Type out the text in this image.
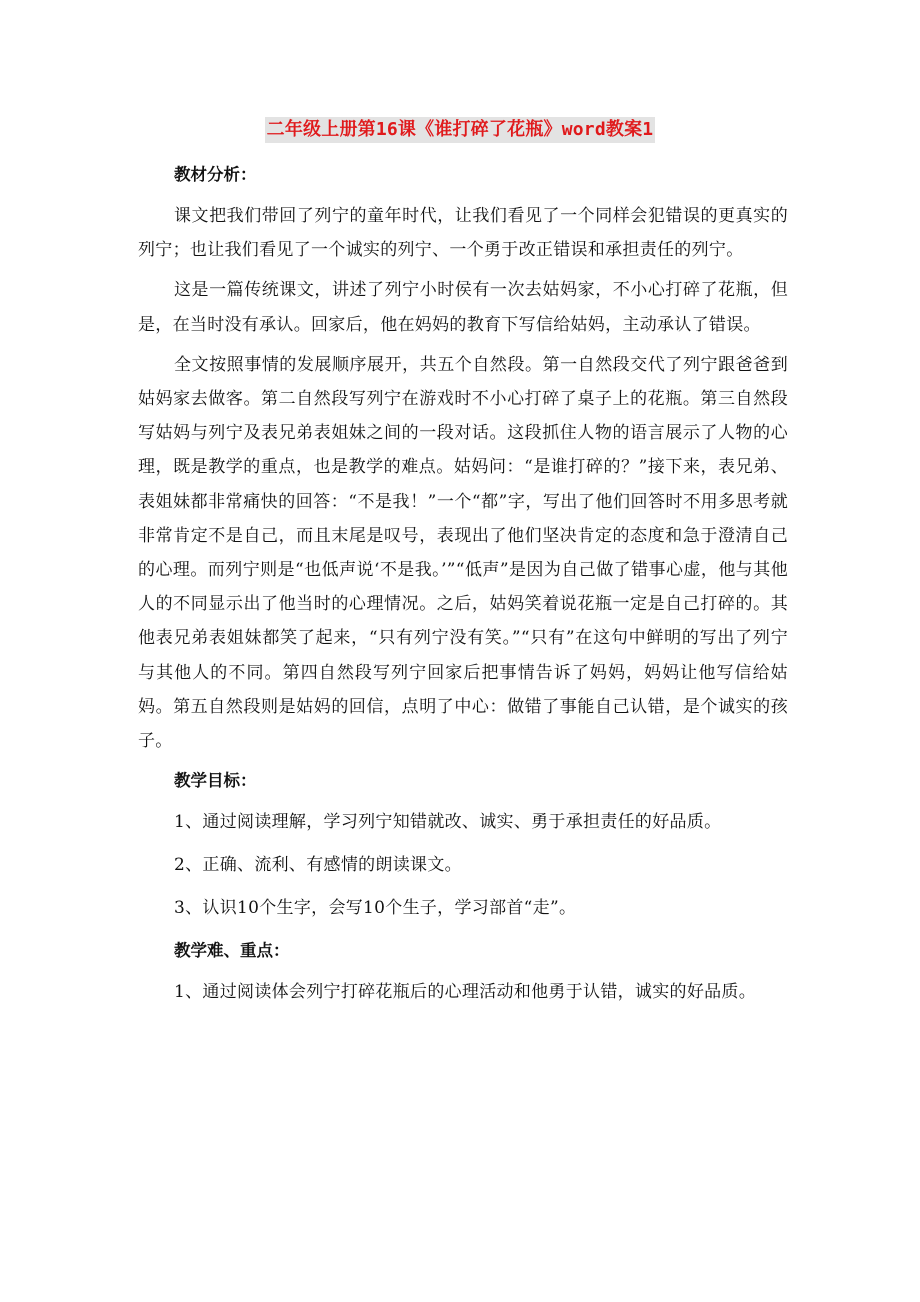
二年级上册第16课《谁打碎了花瓶》word教案1
教材分析：

课文把我们带回了列宁的童年时代，让我们看见了一个同样会犯错误的更真实的列宁；也让我们看见了一个诚实的列宁、一个勇于改正错误和承担责任的列宁。

这是一篇传统课文，讲述了列宁小时侯有一次去姑妈家，不小心打碎了花瓶，但是，在当时没有承认。回家后，他在妈妈的教育下写信给姑妈，主动承认了错误。

全文按照事情的发展顺序展开，共五个自然段。第一自然段交代了列宁跟爸爸到姑妈家去做客。第二自然段写列宁在游戏时不小心打碎了桌子上的花瓶。第三自然段写姑妈与列宁及表兄弟表姐妹之间的一段对话。这段抓住人物的语言展示了人物的心理，既是教学的重点，也是教学的难点。姑妈问：“是谁打碎的？”接下来，表兄弟、表姐妹都非常痛快的回答：“不是我！”一个“都”字，写出了他们回答时不用多思考就非常肯定不是自己，而且末尾是叹号，表现出了他们坚决肯定的态度和急于澄清自己的心理。而列宁则是“也低声说‘不是我。’”“低声”是因为自己做了错事心虚，他与其他人的不同显示出了他当时的心理情况。之后，姑妈笑着说花瓶一定是自己打碎的。其他表兄弟表姐妹都笑了起来，“只有列宁没有笑。”“只有”在这句中鲜明的写出了列宁与其他人的不同。第四自然段写列宁回家后把事情告诉了妈妈，妈妈让他写信给姑妈。第五自然段则是姑妈的回信，点明了中心：做错了事能自己认错，是个诚实的孩子。

教学目标：

1、通过阅读理解，学习列宁知错就改、诚实、勇于承担责任的好品质。

2、正确、流利、有感情的朗读课文。

3、认识10个生字，会写10个生子，学习部首“走”。

教学难、重点：

1、通过阅读体会列宁打碎花瓶后的心理活动和他勇于认错，诚实的好品质。
